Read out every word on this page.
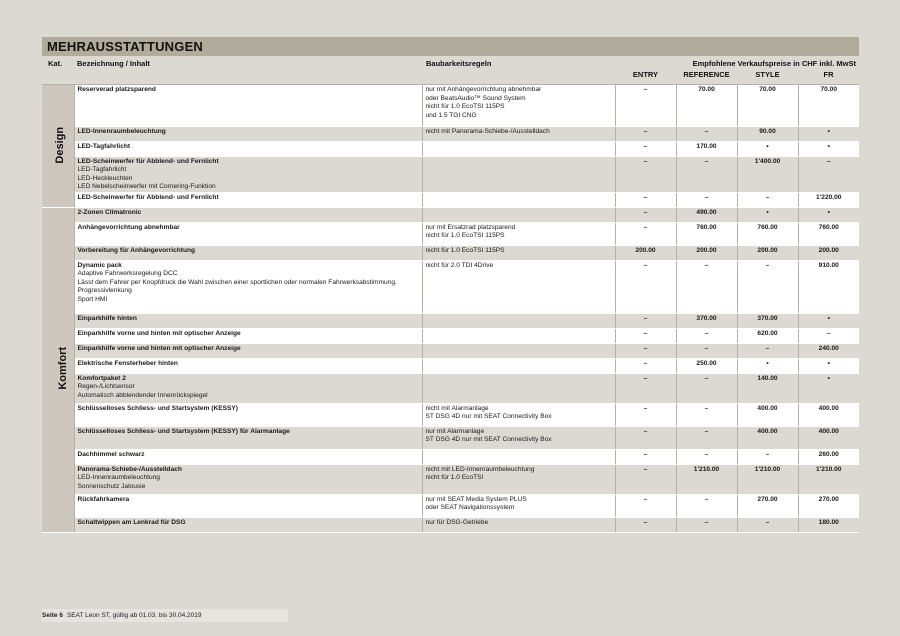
MEHRAUSSTATTUNGEN
Kat. Bezeichnung / Inhalt	Baubarkeitsregeln	Empfohlene Verkaufspreise in CHF inkl. MwSt
ENTRY	REFERENCE	STYLE	FR
Design	Reserverad platzsparend	nur mit Anhängevorrichtung abnehmbar
oder BeatsAudio™ Sound System
nicht für 1.0 EcoTSI 115PS
und 1.5 TGI CNG	–	70.00	70.00	70.00

	LED-Innenraumbeleuchtung	nicht mit Panorama-Schiebe-/Ausstelldach	–	–	90.00	•

	LED-Tagfahrlicht		–	170.00	•	•

	LED-Scheinwerfer für Abblend- und Fernlicht
LED-Tagfahrlicht
LED-Heckleuchten
LED Nebelscheinwerfer mit Cornering-Funktion		–	–	1'400.00	–

	LED-Scheinwerfer für Abblend- und Fernlicht		–	–	–	1'220.00
Komfort	2-Zonen Climatronic		–	490.00	•	•

	Anhängevorrichtung abnehmbar	nur mit Ersatzrad platzsparend
nicht für 1.0 EcoTSI 115PS	–	760.00	760.00	760.00

	Vorbereitung für Anhängevorrichtung	nicht für 1.0 EcoTSI 115PS	200.00	200.00	200.00	200.00

	Dynamic pack
Adaptive Fahrwerksregelung DCC
Lässt dem Fahrer per Knopfdruck die Wahl zwischen einer sportlichen oder normalen Fahrwerksabstimmung.
Progressivlenkung
Sport HMI	nicht für 2.0 TDI 4Drive	–	–	–	910.00

	Einparkhilfe hinten		–	370.00	370.00	•

	Einparkhilfe vorne und hinten mit optischer Anzeige		–	–	620.00	–

	Einparkhilfe vorne und hinten mit optischer Anzeige		–	–	–	240.00

	Elektrische Fensterheber hinten		–	250.00	•	•

	Komfortpaket 2
Regen-/Lichtsensor
Automatisch abblendender Innenrückspiegel		–	–	140.00	•

	Schlüsselloses Schliess- und Startsystem (KESSY)	nicht mit Alarmanlage
ST DSG 4D nur mit SEAT Connectivity Box	–	–	400.00	400.00

	Schlüsselloses Schliess- und Startsystem (KESSY) für Alarmanlage	nur mit Alarmanlage
ST DSG 4D nur mit SEAT Connectivity Box	–	–	400.00	400.00

	Dachhimmel schwarz		–	–	–	260.00

	Panorama-Schiebe-/Ausstelldach
LED-Innenraumbeleuchtung
Sonnenschutz Jalousie	nicht mit LED-Innenraumbeleuchtung
nicht für 1.0 EcoTSI	–	1'210.00	1'210.00	1'210.00

	Rückfahrkamera	nur mit SEAT Media System PLUS
oder SEAT Navigationssystem	–	–	270.00	270.00

	Schaltwippen am Lenkrad für DSG	nur für DSG-Getriebe	–	–	–	180.00
Seite 6 SEAT Leon ST, gültig ab 01.03. bis 30.04.2019
